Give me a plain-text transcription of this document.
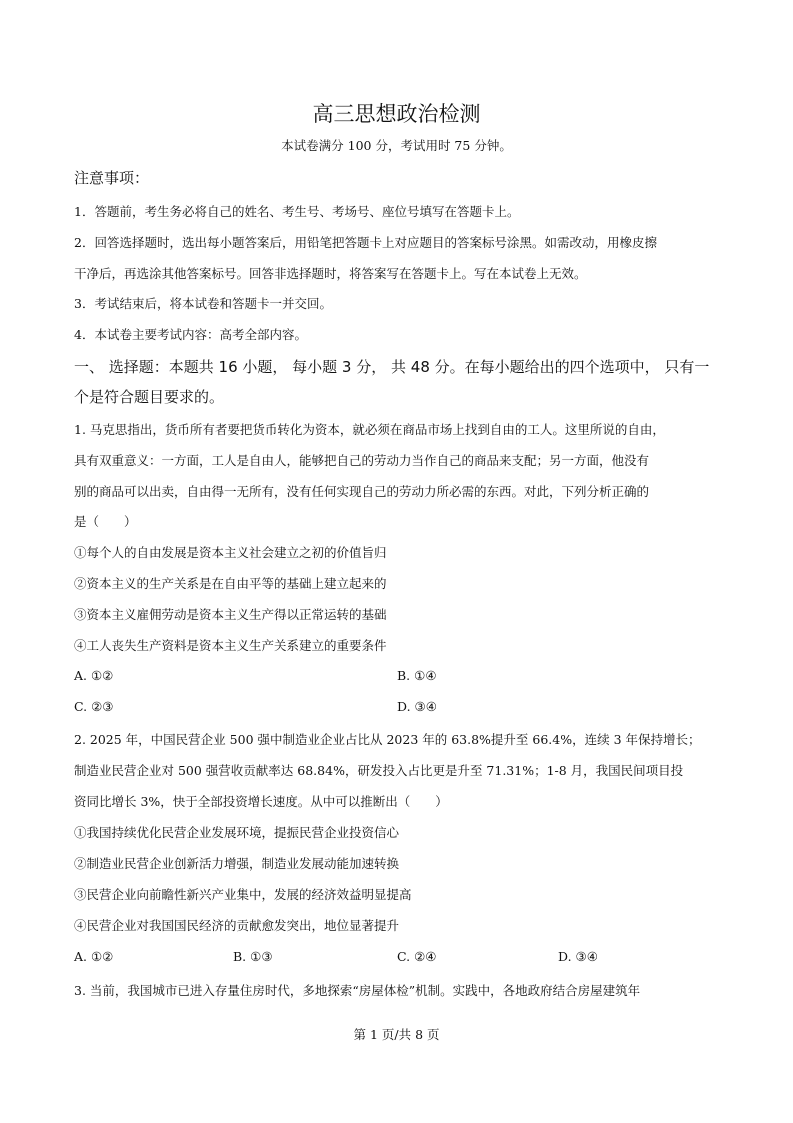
高三思想政治检测
本试卷满分 100 分，考试用时 75 分钟。
注意事项：
1．答题前，考生务必将自己的姓名、考生号、考场号、座位号填写在答题卡上。
2．回答选择题时，选出每小题答案后，用铅笔把答题卡上对应题目的答案标号涂黑。如需改动，用橡皮擦
干净后，再选涂其他答案标号。回答非选择题时，将答案写在答题卡上。写在本试卷上无效。
3．考试结束后，将本试卷和答题卡一并交回。
4．本试卷主要考试内容：高考全部内容。
一、 选择题：本题共 16 小题， 每小题 3 分， 共 48 分。在每小题给出的四个选项中， 只有一
个是符合题目要求的。
1. 马克思指出，货币所有者要把货币转化为资本，就必须在商品市场上找到自由的工人。这里所说的自由，
具有双重意义：一方面，工人是自由人，能够把自己的劳动力当作自己的商品来支配；另一方面，他没有
别的商品可以出卖，自由得一无所有，没有任何实现自己的劳动力所必需的东西。对此，下列分析正确的
是（　　）
①每个人的自由发展是资本主义社会建立之初的价值旨归
②资本主义的生产关系是在自由平等的基础上建立起来的
③资本主义雇佣劳动是资本主义生产得以正常运转的基础
④工人丧失生产资料是资本主义生产关系建立的重要条件
A. ①②	B. ①④
C. ②③	D. ③④
2. 2025 年，中国民营企业 500 强中制造业企业占比从 2023 年的 63.8%提升至 66.4%，连续 3 年保持增长；
制造业民营企业对 500 强营收贡献率达 68.84%，研发投入占比更是升至 71.31%；1-8 月，我国民间项目投
资同比增长 3%，快于全部投资增长速度。从中可以推断出（　　）
①我国持续优化民营企业发展环境，提振民营企业投资信心
②制造业民营企业创新活力增强，制造业发展动能加速转换
③民营企业向前瞻性新兴产业集中，发展的经济效益明显提高
④民营企业对我国国民经济的贡献愈发突出，地位显著提升
A. ①②	B. ①③	C. ②④	D. ③④
3. 当前，我国城市已进入存量住房时代，多地探索“房屋体检”机制。实践中，各地政府结合房屋建筑年
第 1 页/共 8 页
